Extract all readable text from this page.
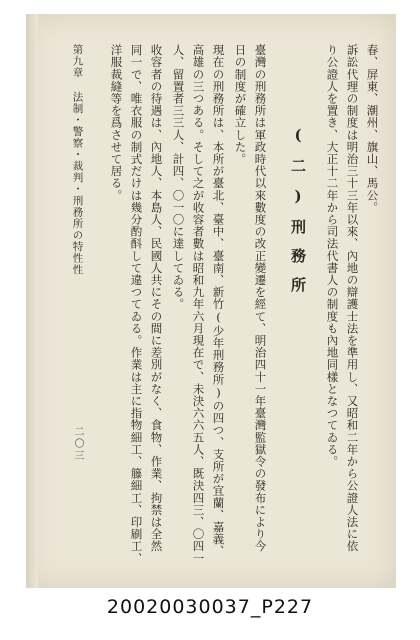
春、屏東、潮州、旗山、馬公。
訴訟代理の制度は明治三十三年以來、內地の辯護士法を準用し、又昭和二年から公證人法に依
り公證人を置き、大正十二年から司法代書人の制度も內地同樣となつてゐる。
(二)刑務所
臺灣の刑務所は軍政時代以來數度の改正變遷を經て、明治四十一年臺灣監獄令の發布により今
日の制度が確立した。
現在の刑務所は、本所が臺北、臺中、臺南、新竹(少年刑務所)の四つ、支所が宜蘭、嘉義、
高雄の三つある。そして之が收容者數は昭和九年六月現在で、未決六六五人、既決四三、〇四一
人、留置者三三人、計四、〇一〇に達してゐる。
收容者の待遇は、內地人、本島人、民國人共にその間に差別がなく、食物、作業、拘禁は全然
同一で、唯衣服の制式だけは幾分酌酙して違つてゐる。作業は主に指物細工、籐細工、印刷工、
洋服裁縫等を爲させて居る。
第九章 法制・警察・裁判・刑務所の特性性
二〇三
20020030037_P227
